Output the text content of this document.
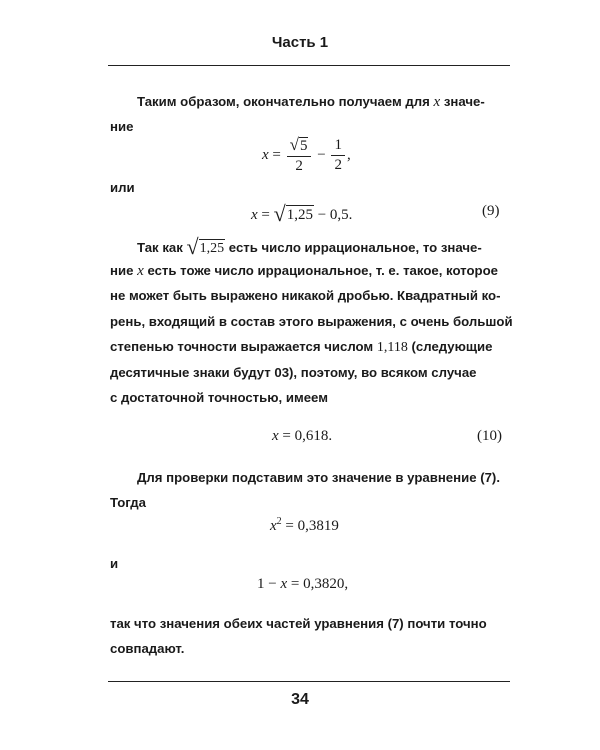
Часть 1
Таким образом, окончательно получаем для x значе-
ние
$x = \frac{√5}{2} - \frac{1}{2}$ ,
или
x = √1,25 − 0,5.	(9)
Так как √1,25 есть число иррациональное, то значе-
ние x есть тоже число иррациональное, т. е. такое, которое
не может быть выражено никакой дробью. Квадратный ко-
рень, входящий в состав этого выражения, с очень большой
степенью точности выражается числом 1,118 (следующие
десятичные знаки будут 03), поэтому, во всяком случае
с достаточной точностью, имеем
x = 0,618.	(10)
Для проверки подставим это значение в уравнение (7).
Тогда
$x^2 = 0,3819$
и
1 − x = 0,3820,
так что значения обеих частей уравнения (7) почти точно
совпадают.
34
